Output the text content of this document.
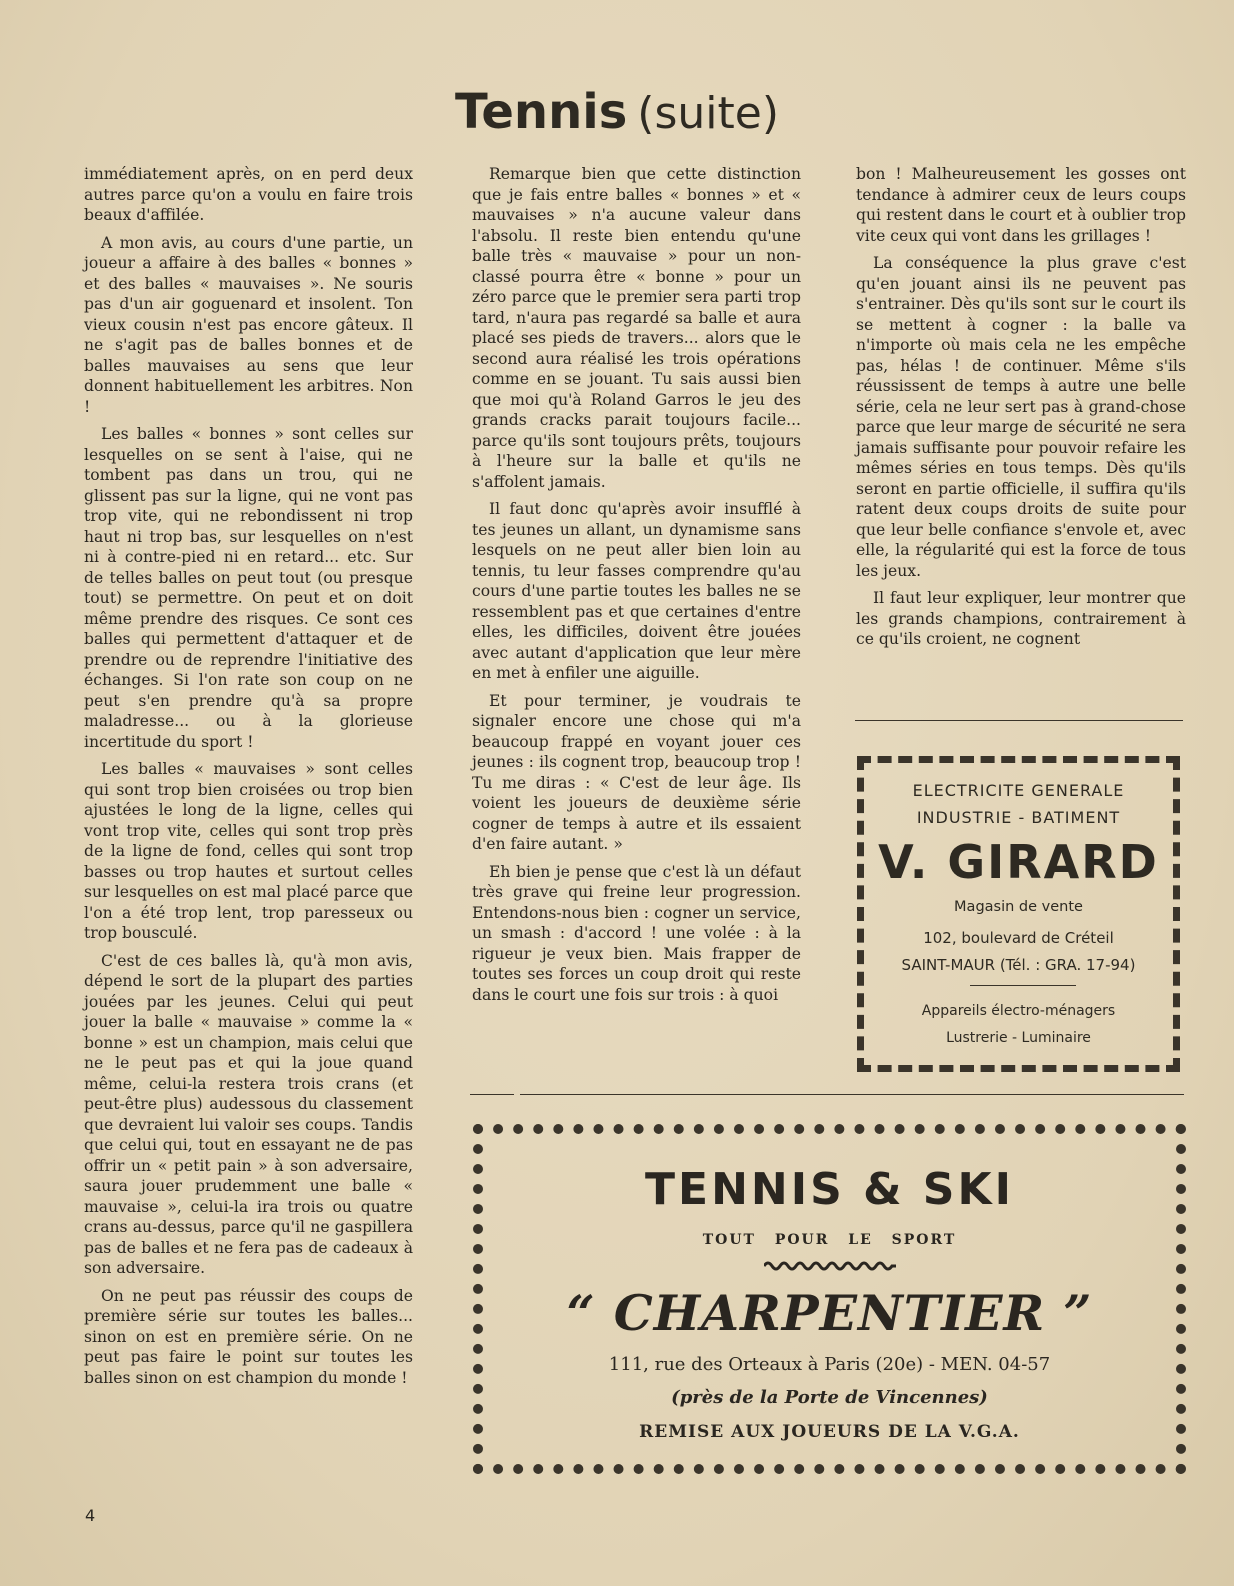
Tennis (suite)

immédiatement après, on en perd deux autres parce qu'on a voulu en faire trois beaux d'affilée.

A mon avis, au cours d'une partie, un joueur a affaire à des balles « bonnes » et des balles « mauvaises ». Ne souris pas d'un air goguenard et insolent. Ton vieux cousin n'est pas encore gâteux. Il ne s'agit pas de balles bonnes et de balles mauvaises au sens que leur donnent habituellement les arbitres. Non !

Les balles « bonnes » sont celles sur lesquelles on se sent à l'aise, qui ne tombent pas dans un trou, qui ne glissent pas sur la ligne, qui ne vont pas trop vite, qui ne rebondissent ni trop haut ni trop bas, sur lesquelles on n'est ni à contre-pied ni en retard... etc. Sur de telles balles on peut tout (ou presque tout) se permettre. On peut et on doit même prendre des risques. Ce sont ces balles qui permettent d'attaquer et de prendre ou de reprendre l'initiative des échanges. Si l'on rate son coup on ne peut s'en prendre qu'à sa propre maladresse... ou à la glorieuse incertitude du sport !

Les balles « mauvaises » sont celles qui sont trop bien croisées ou trop bien ajustées le long de la ligne, celles qui vont trop vite, celles qui sont trop près de la ligne de fond, celles qui sont trop basses ou trop hautes et surtout celles sur lesquelles on est mal placé parce que l'on a été trop lent, trop paresseux ou trop bousculé.

C'est de ces balles là, qu'à mon avis, dépend le sort de la plupart des parties jouées par les jeunes. Celui qui peut jouer la balle « mauvaise » comme la « bonne » est un champion, mais celui que ne le peut pas et qui la joue quand même, celui-la restera trois crans (et peut-être plus) audessous du classement que devraient lui valoir ses coups. Tandis que celui qui, tout en essayant ne de pas offrir un « petit pain » à son adversaire, saura jouer prudemment une balle « mauvaise », celui-la ira trois ou quatre crans au-dessus, parce qu'il ne gaspillera pas de balles et ne fera pas de cadeaux à son adversaire.

On ne peut pas réussir des coups de première série sur toutes les balles... sinon on est en première série. On ne peut pas faire le point sur toutes les balles sinon on est champion du monde !

Remarque bien que cette distinction que je fais entre balles « bonnes » et « mauvaises » n'a aucune valeur dans l'absolu. Il reste bien entendu qu'une balle très « mauvaise » pour un non-classé pourra être « bonne » pour un zéro parce que le premier sera parti trop tard, n'aura pas regardé sa balle et aura placé ses pieds de travers... alors que le second aura réalisé les trois opérations comme en se jouant. Tu sais aussi bien que moi qu'à Roland Garros le jeu des grands cracks parait toujours facile... parce qu'ils sont toujours prêts, toujours à l'heure sur la balle et qu'ils ne s'affolent jamais.

Il faut donc qu'après avoir insufflé à tes jeunes un allant, un dynamisme sans lesquels on ne peut aller bien loin au tennis, tu leur fasses comprendre qu'au cours d'une partie toutes les balles ne se ressemblent pas et que certaines d'entre elles, les difficiles, doivent être jouées avec autant d'application que leur mère en met à enfiler une aiguille.

Et pour terminer, je voudrais te signaler encore une chose qui m'a beaucoup frappé en voyant jouer ces jeunes : ils cognent trop, beaucoup trop ! Tu me diras : « C'est de leur âge. Ils voient les joueurs de deuxième série cogner de temps à autre et ils essaient d'en faire autant. »

Eh bien je pense que c'est là un défaut très grave qui freine leur progression. Entendons-nous bien : cogner un service, un smash : d'accord ! une volée : à la rigueur je veux bien. Mais frapper de toutes ses forces un coup droit qui reste dans le court une fois sur trois : à quoi

bon ! Malheureusement les gosses ont tendance à admirer ceux de leurs coups qui restent dans le court et à oublier trop vite ceux qui vont dans les grillages !

La conséquence la plus grave c'est qu'en jouant ainsi ils ne peuvent pas s'entrainer. Dès qu'ils sont sur le court ils se mettent à cogner : la balle va n'importe où mais cela ne les empêche pas, hélas ! de continuer. Même s'ils réussissent de temps à autre une belle série, cela ne leur sert pas à grand-chose parce que leur marge de sécurité ne sera jamais suffisante pour pouvoir refaire les mêmes séries en tous temps. Dès qu'ils seront en partie officielle, il suffira qu'ils ratent deux coups droits de suite pour que leur belle confiance s'envole et, avec elle, la régularité qui est la force de tous les jeux.

Il faut leur expliquer, leur montrer que les grands champions, contrairement à ce qu'ils croient, ne cognent

ELECTRICITE GENERALE
INDUSTRIE - BATIMENT
V. GIRARD
Magasin de vente
102, boulevard de Créteil
SAINT-MAUR (Tél. : GRA. 17-94)
Appareils électro-ménagers
Lustrerie - Luminaire
TENNIS & SKI
TOUT POUR LE SPORT
“ CHARPENTIER ”
111, rue des Orteaux à Paris (20e) - MEN. 04-57
(près de la Porte de Vincennes)
REMISE AUX JOUEURS DE LA V.G.A.
4
